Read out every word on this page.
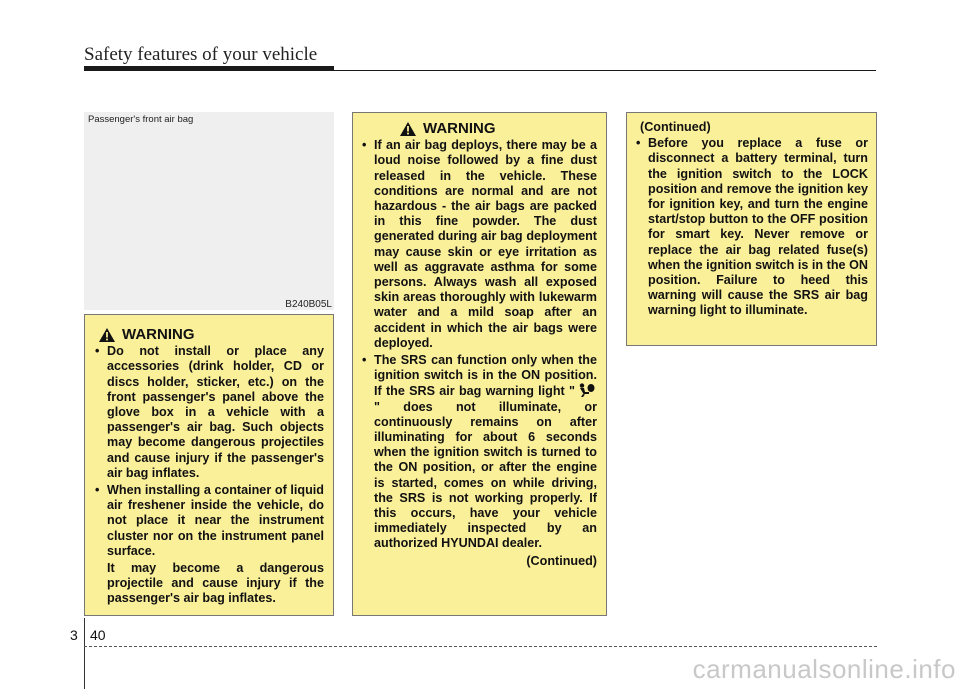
Safety features of your vehicle
Passenger's front air bag
B240B05L
WARNING
• Do not install or place any accessories (drink holder, CD or discs holder, sticker, etc.) on the front passenger's panel above the glove box in a vehicle with a passenger's air bag. Such objects may become dangerous projectiles and cause injury if the passenger's air bag inflates.
• When installing a container of liquid air freshener inside the vehicle, do not place it near the instrument cluster nor on the instrument panel surface.

It may become a dangerous projectile and cause injury if the passenger's air bag inflates.

WARNING
• If an air bag deploys, there may be a loud noise followed by a fine dust released in the vehicle. These conditions are normal and are not hazardous - the air bags are packed in this fine powder. The dust generated during air bag deployment may cause skin or eye irritation as well as aggravate asthma for some persons. Always wash all exposed skin areas thoroughly with lukewarm water and a mild soap after an accident in which the air bags were deployed.
• The SRS can function only when the ignition switch is in the ON position. If the SRS air bag warning light "" does not illuminate, or continuously remains on after illuminating for about 6 seconds when the ignition switch is turned to the ON position, or after the engine is started, comes on while driving, the SRS is not working properly. If this occurs, have your vehicle immediately inspected by an authorized HYUNDAI dealer.
(Continued)
(Continued)
• Before you replace a fuse or disconnect a battery terminal, turn the ignition switch to the LOCK position and remove the ignition key for ignition key, and turn the engine start/stop button to the OFF position for smart key. Never remove or replace the air bag related fuse(s) when the ignition switch is in the ON position. Failure to heed this warning will cause the SRS air bag warning light to illuminate.
3 40
carmanualsonline.info
